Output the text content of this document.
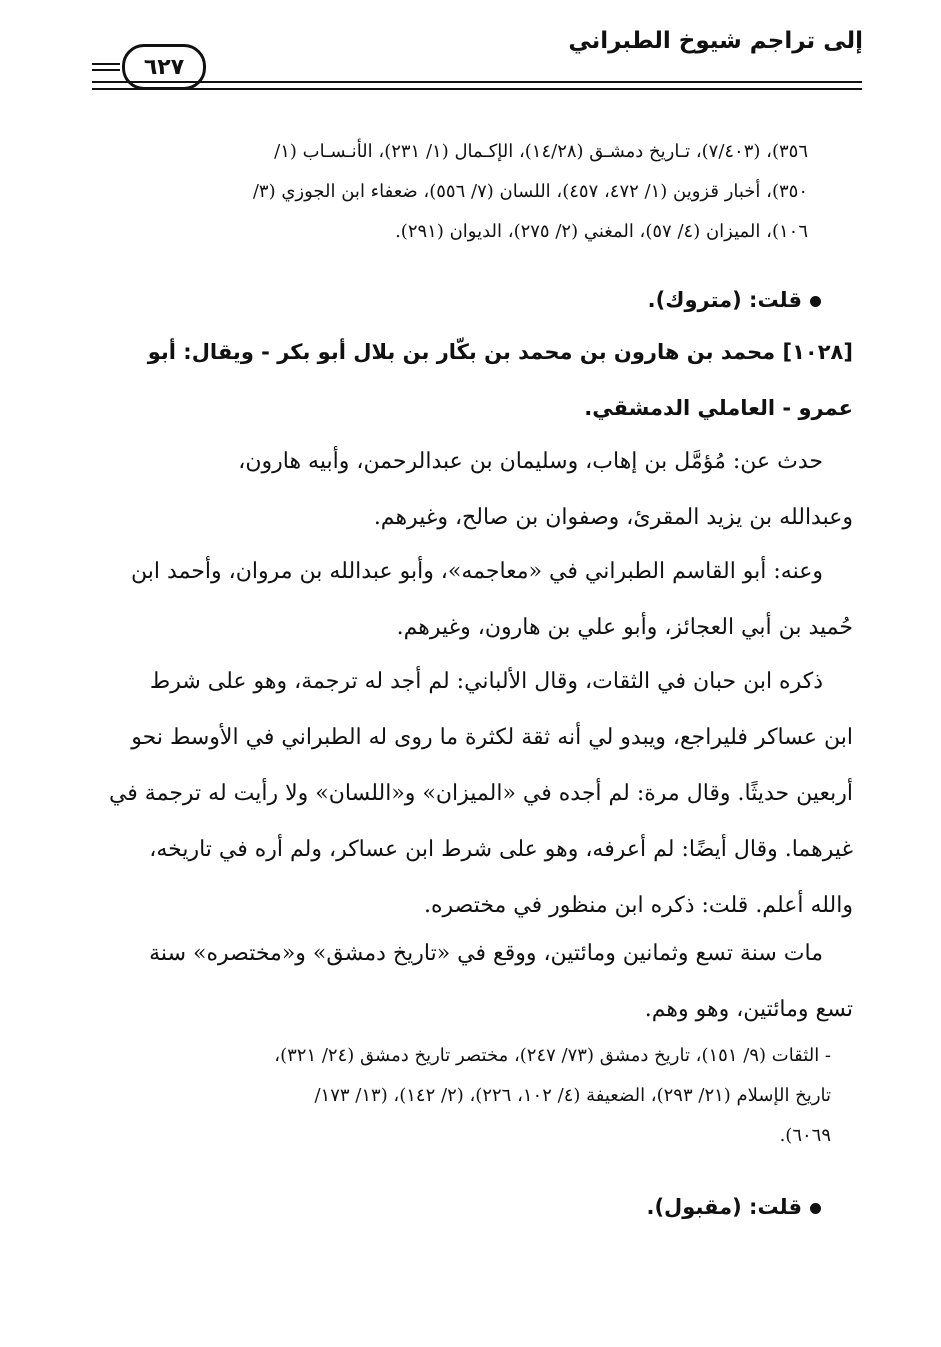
إلى تراجم شيوخ الطبراني
٦٢٧
٣٥٦)، (٧/٤٠٣)، تـاريخ دمشـق (١٤/٢٨)، الإكـمال (١/ ٢٣١)، الأنـسـاب (١/
٣٥٠)، أخبار قزوين (١/ ٤٧٢، ٤٥٧)، اللسان (٧/ ٥٥٦)، ضعفاء ابن الجوزي (٣/
١٠٦)، الميزان (٤/ ٥٧)، المغني (٢/ ٢٧٥)، الديوان (٢٩١).
قلت: (متروك).
[١٠٢٨] محمد بن هارون بن محمد بن بكّار بن بلال أبو بكر - ويقال: أبو
عمرو - العاملي الدمشقي.
حدث عن: مُؤمَّل بن إهاب، وسليمان بن عبدالرحمن، وأبيه هارون،
وعبدالله بن يزيد المقرئ، وصفوان بن صالح، وغيرهم.
وعنه: أبو القاسم الطبراني في «معاجمه»، وأبو عبدالله بن مروان، وأحمد ابن
حُميد بن أبي العجائز، وأبو علي بن هارون، وغيرهم.
ذكره ابن حبان في الثقات، وقال الألباني: لم أجد له ترجمة، وهو على شرط
ابن عساكر فليراجع، ويبدو لي أنه ثقة لكثرة ما روى له الطبراني في الأوسط نحو
أربعين حديثًا. وقال مرة: لم أجده في «الميزان» و«اللسان» ولا رأيت له ترجمة في
غيرهما. وقال أيضًا: لم أعرفه، وهو على شرط ابن عساكر، ولم أره في تاريخه،
والله أعلم. قلت: ذكره ابن منظور في مختصره.
مات سنة تسع وثمانين ومائتين، ووقع في «تاريخ دمشق» و«مختصره» سنة
تسع ومائتين، وهو وهم.
- الثقات (٩/ ١٥١)، تاريخ دمشق (٧٣/ ٢٤٧)، مختصر تاريخ دمشق (٢٤/ ٣٢١)،
تاريخ الإسلام (٢١/ ٢٩٣)، الضعيفة (٤/ ١٠٢، ٢٢٦)، (٢/ ١٤٢)، (١٣/ ١٧٣/
٦٠٦٩).
قلت: (مقبول).
